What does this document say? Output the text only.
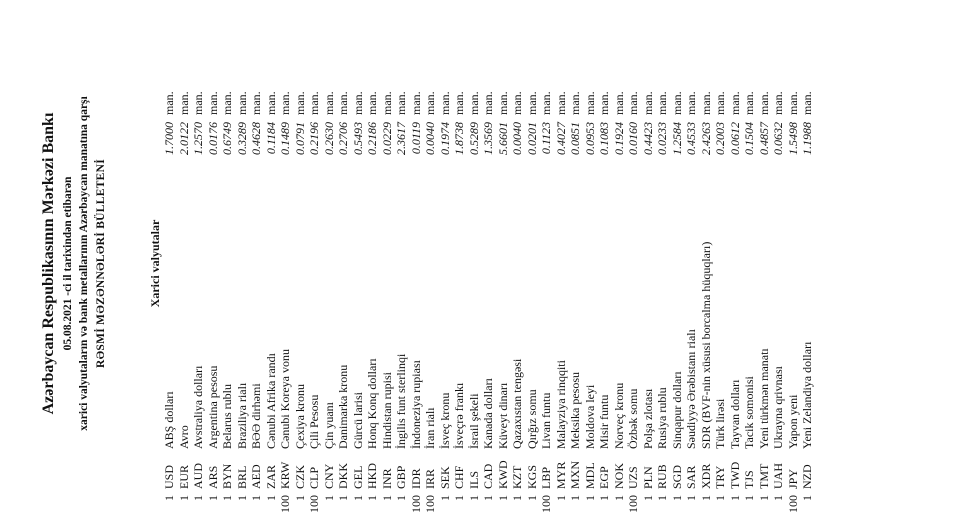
Azərbaycan Respublikasının Mərkəzi Bankı 05.08.2021 -ci il tarixindən etibarən xarici valyutaların və bank metallarının Azərbaycan manatına qarşı RƏSMİ MƏZƏNNƏLƏRİ BÜLLETENİ	Xarici valyutalar
1
USD
ABŞ dolları
1.7000
man.
1
EUR
Avro
2.0122
man.
1
AUD
Avstraliya dolları
1.2570
man.
1
ARS
Argentina pesosu
0.0176
man.
1
BYN
Belarus rublu
0.6749
man.
1
BRL
Braziliya rialı
0.3289
man.
1
AED
BƏƏ dirhəmi
0.4628
man.
1
ZAR
Cənubi Afrika randı
0.1184
man.
100
KRW
Cənubi Koreya vonu
0.1489
man.
1
CZK
Çexiya kronu
0.0791
man.
100
CLP
Çili Pesosu
0.2196
man.
1
CNY
Çin yuanı
0.2630
man.
1
DKK
Danimarka kronu
0.2706
man.
1
GEL
Gürcü larisi
0.5493
man.
1
HKD
Honq Konq dolları
0.2186
man.
1
INR
Hindistan rupisi
0.0229
man.
1
GBP
İngilis funt sterlinqi
2.3617
man.
100
IDR
İndoneziya rupiası
0.0119
man.
100
IRR
İran rialı
0.0040
man.
1
SEK
İsveç kronu
0.1974
man.
1
CHF
İsveçrə frankı
1.8738
man.
1
ILS
İsrail şekeli
0.5289
man.
1
CAD
Kanada dolları
1.3569
man.
1
KWD
Küveyt dinarı
5.6601
man.
1
KZT
Qazaxıstan tengəsi
0.0040
man.
1
KGS
Qırğız somu
0.0201
man.
100
LBP
Livan funtu
0.1123
man.
1
MYR
Malayziya rinqqiti
0.4027
man.
1
MXN
Meksika pesosu
0.0851
man.
1
MDL
Moldova leyi
0.0953
man.
1
EGP
Misir funtu
0.1083
man.
1
NOK
Norveç kronu
0.1924
man.
100
UZS
Özbək somu
0.0160
man.
1
PLN
Polşa zlotası
0.4423
man.
1
RUB
Rusiya rublu
0.0233
man.
1
SGD
Sinqapur dolları
1.2584
man.
1
SAR
Səudiyyə Ərəbistanı rialı
0.4533
man.
1
XDR
SDR (BVF-nin xüsusi borcalma hüquqları)
2.4263
man.
1
TRY
Türk lirəsi
0.2003
man.
1
TWD
Tayvan dolları
0.0612
man.
1
TJS
Tacik somonisi
0.1504
man.
1
TMT
Yeni türkmən manatı
0.4857
man.
1
UAH
Ukrayna qrivnası
0.0632
man.
100
JPY
Yapon yeni
1.5498
man.
1
NZD
Yeni Zelandiya dolları
1.1988
man.
